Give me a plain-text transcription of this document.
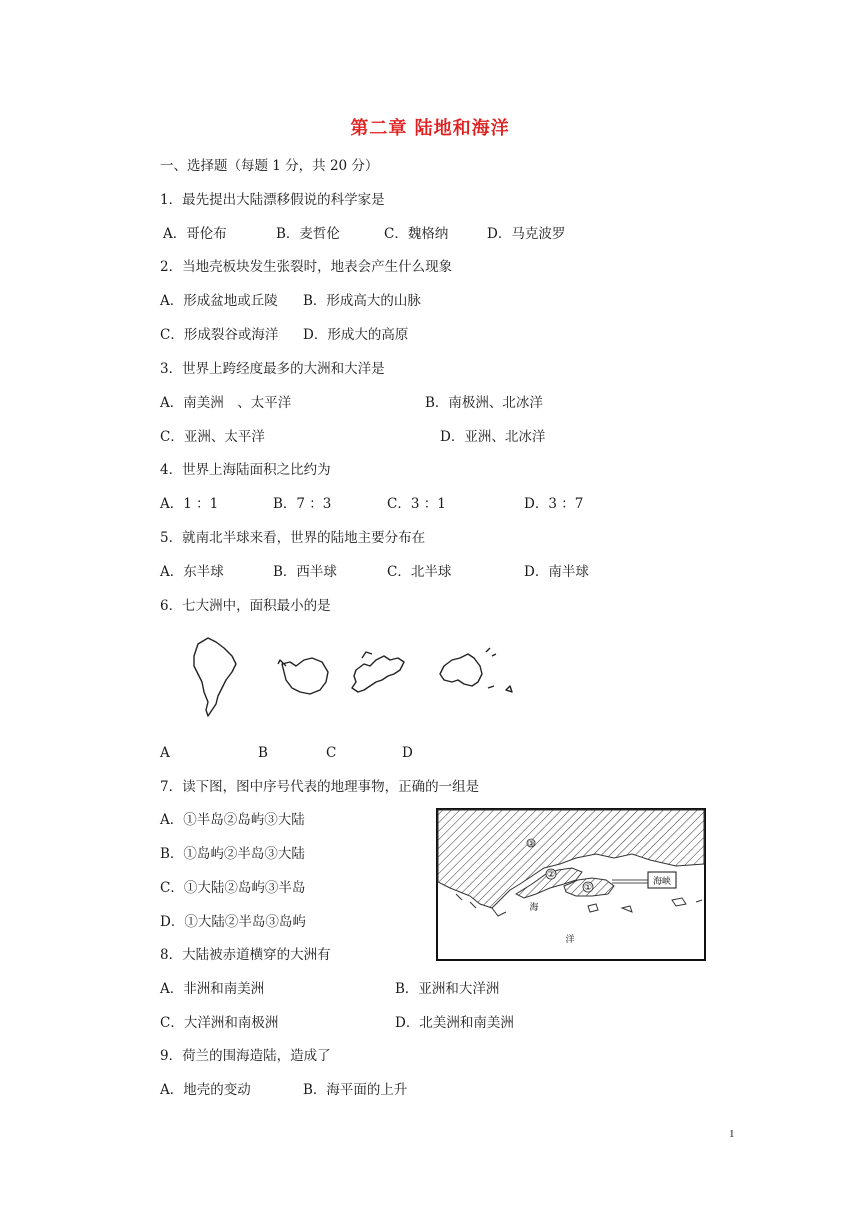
第二章 陆地和海洋
一、选择题（每题 1 分，共 20 分）
1．最先提出大陆漂移假说的科学家是
A．哥伦布	B．麦哲伦	C．魏格纳	D．马克波罗
2．当地壳板块发生张裂时，地表会产生什么现象
A．形成盆地或丘陵 B．形成高大的山脉
C．形成裂谷或海洋 D．形成大的高原
3．世界上跨经度最多的大洲和大洋是
A．南美洲　、太平洋	B．南极洲、北冰洋
C．亚洲、太平洋	D．亚洲、北冰洋
4．世界上海陆面积之比约为
A．1 ：1	B．7 ：3	C．3 ：1	D．3 ：7
5．就南北半球来看，世界的陆地主要分布在
A．东半球	B．西半球	C．北半球	D．南半球
6．七大洲中，面积最小的是
A	B	C	D
7．读下图，图中序号代表的地理事物，正确的一组是
A．①半岛②岛屿③大陆
B．①岛屿②半岛③大陆
C．①大陆②岛屿③半岛
D．①大陆②半岛③岛屿
③
②
①
海峡
海
洋
8．大陆被赤道横穿的大洲有
A．非洲和南美洲	B．亚洲和大洋洲
C．大洋洲和南极洲	D．北美洲和南美洲
9．荷兰的围海造陆，造成了
A．地壳的变动	B．海平面的上升
1
